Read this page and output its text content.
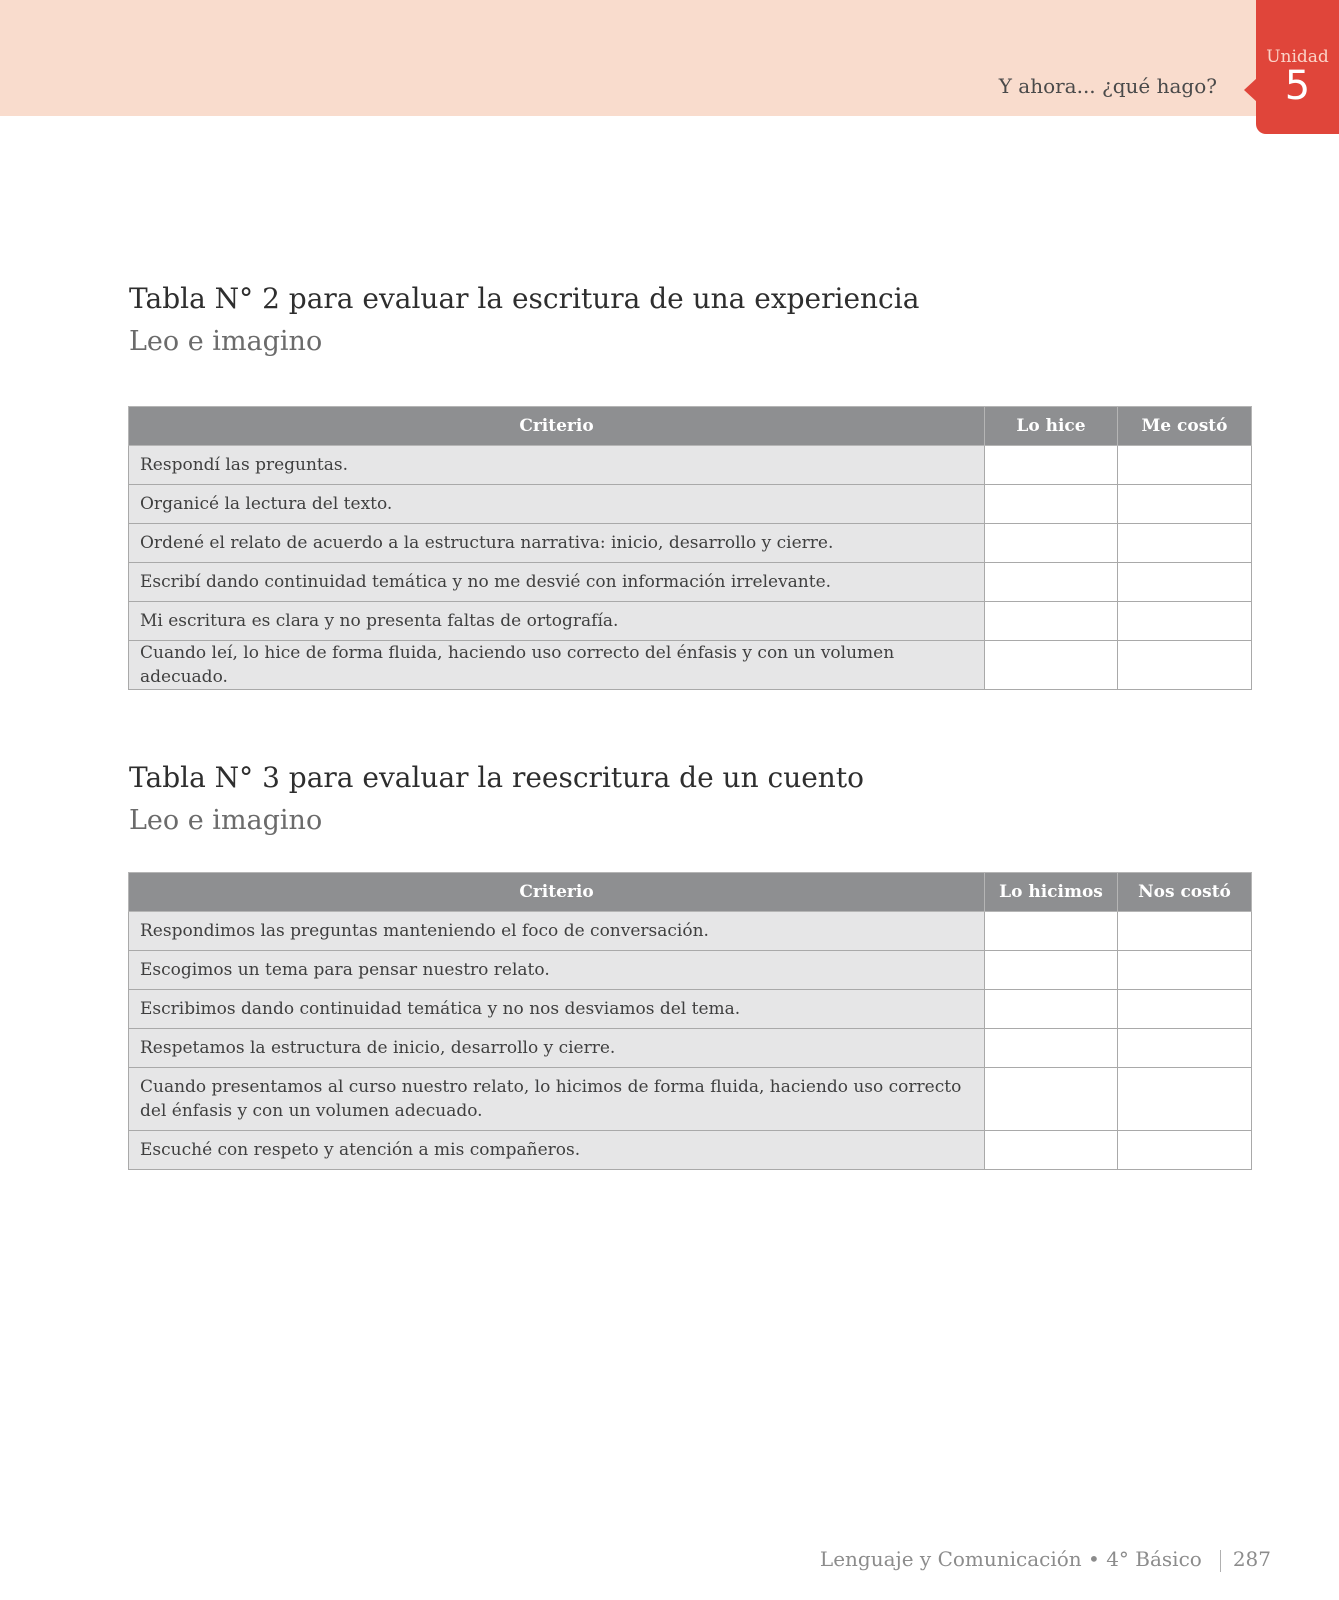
Y ahora... ¿qué hago?
Unidad
5
Tabla N° 2 para evaluar la escritura de una experiencia
Leo e imagino
Criterio	Lo hice	Me costó
Respondí las preguntas.		
Organicé la lectura del texto.		
Ordené el relato de acuerdo a la estructura narrativa: inicio, desarrollo y cierre.		
Escribí dando continuidad temática y no me desvié con información irrelevante.		
Mi escritura es clara y no presenta faltas de ortografía.		
Cuando leí, lo hice de forma fluida, haciendo uso correcto del énfasis y con un volumen adecuado.		
Tabla N° 3 para evaluar la reescritura de un cuento
Leo e imagino
Criterio	Lo hicimos	Nos costó
Respondimos las preguntas manteniendo el foco de conversación.		
Escogimos un tema para pensar nuestro relato.		
Escribimos dando continuidad temática y no nos desviamos del tema.		
Respetamos la estructura de inicio, desarrollo y cierre.		
Cuando presentamos al curso nuestro relato, lo hicimos de forma fluida, haciendo uso correcto del énfasis y con un volumen adecuado.		
Escuché con respeto y atención a mis compañeros.		
Lenguaje y Comunicación • 4° Básico 287
